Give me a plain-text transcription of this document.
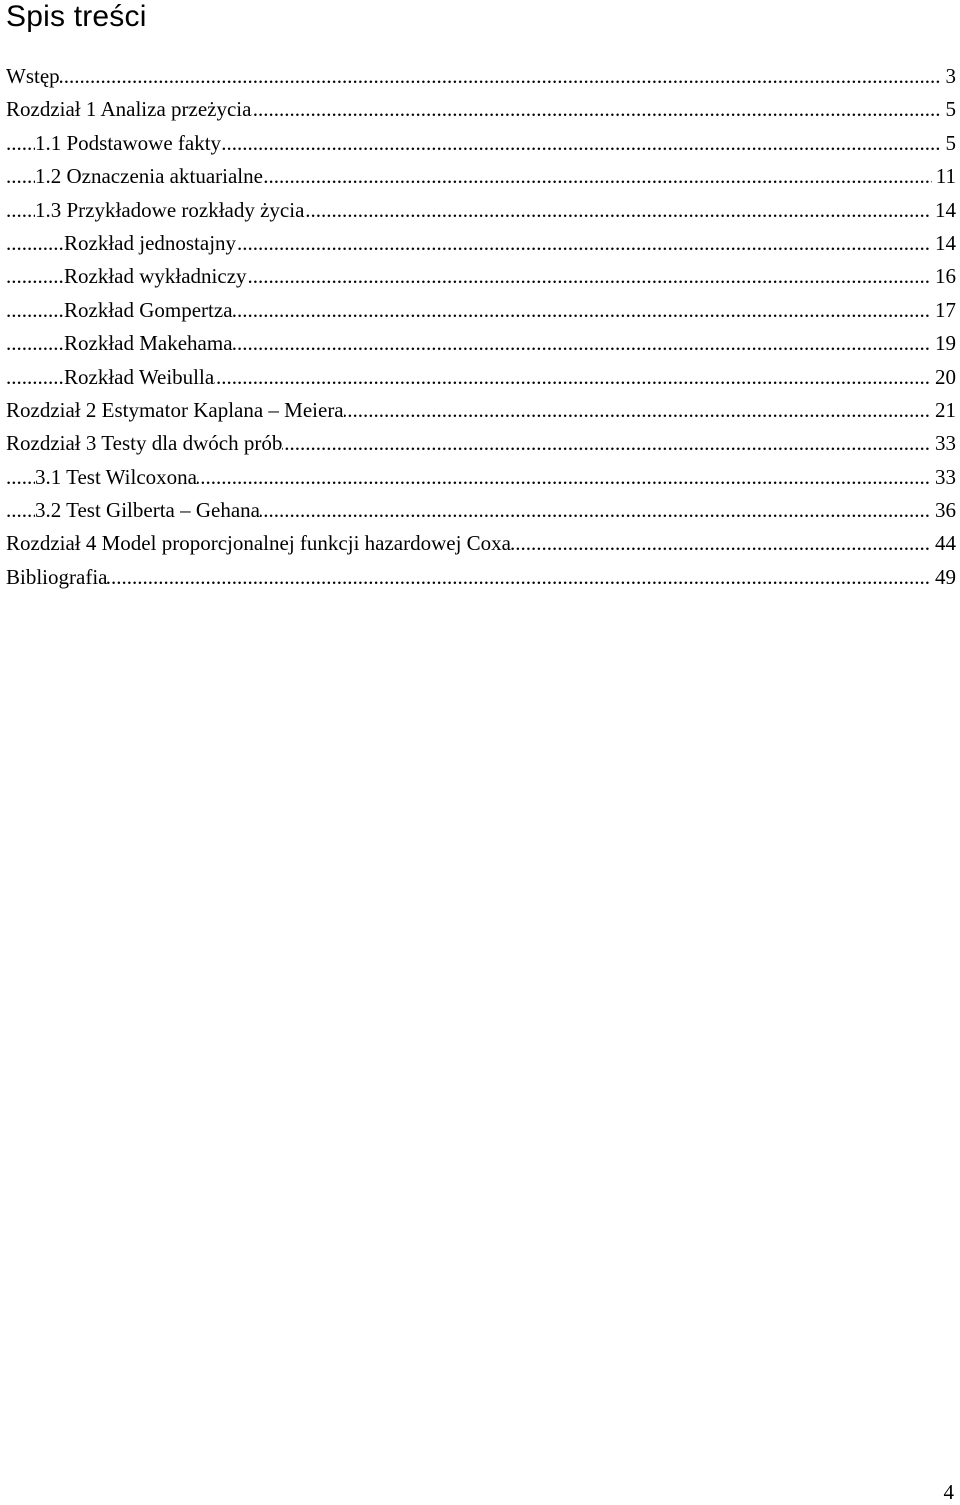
Spis treści
.....
Wstęp	3
.....
Rozdział 1 Analiza przeżycia	5
.....
1.1 Podstawowe fakty	5
.....
1.2 Oznaczenia aktuarialne	11
.....
1.3 Przykładowe rozkłady życia	14
.....
Rozkład jednostajny	14
.....
Rozkład wykładniczy	16
.....
Rozkład Gompertza	17
.....
Rozkład Makehama	19
.....
Rozkład Weibulla	20
.....
Rozdział 2 Estymator Kaplana – Meiera	21
.....
Rozdział 3 Testy dla dwóch prób	33
.....
3.1 Test Wilcoxona	33
.....
3.2 Test Gilberta – Gehana	36
.....
Rozdział 4 Model proporcjonalnej funkcji hazardowej Coxa	44
.....
Bibliografia	49
4
